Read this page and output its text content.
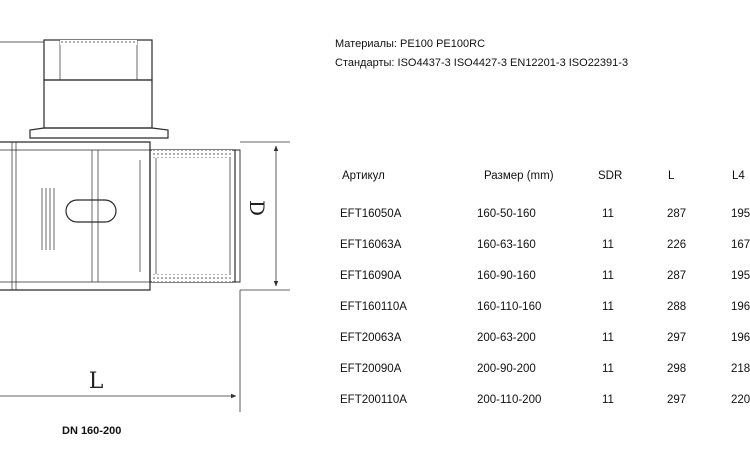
D
L
Материалы: PE100 PE100RC
Стандарты: ISO4437-3 ISO4427-3 EN12201-3 ISO22391-3
DN 160-200
Артикул	Размер (mm)	SDR	L	L4
EFT16050A	160-50-160	11	287	195
EFT16063A	160-63-160	11	226	167
EFT16090A	160-90-160	11	287	195
EFT160110A	160-110-160	11	288	196
EFT20063A	200-63-200	11	297	196
EFT20090A	200-90-200	11	298	218
EFT200110A	200-110-200	11	297	220
